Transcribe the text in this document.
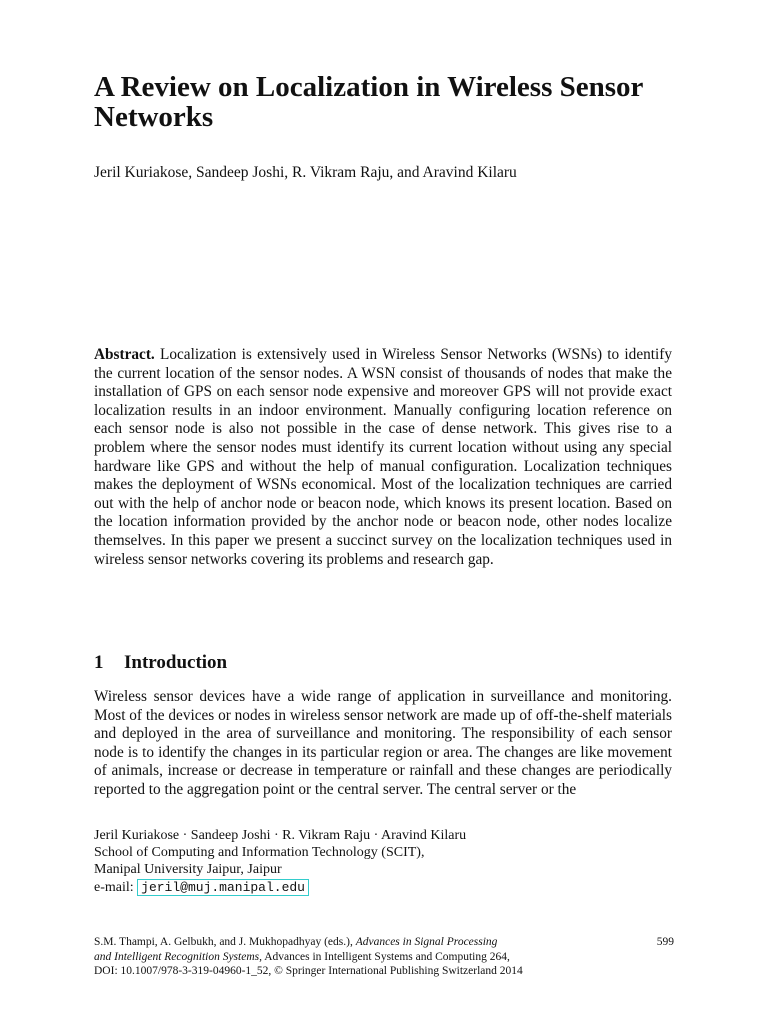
A Review on Localization in Wireless Sensor Networks

Jeril Kuriakose, Sandeep Joshi, R. Vikram Raju, and Aravind Kilaru

Abstract. Localization is extensively used in Wireless Sensor Networks (WSNs) to identify the current location of the sensor nodes. A WSN consist of thousands of nodes that make the installation of GPS on each sensor node expensive and moreover GPS will not provide exact localization results in an indoor environment. Manually configuring location reference on each sensor node is also not possible in the case of dense network. This gives rise to a problem where the sensor nodes must identify its current location without using any special hardware like GPS and without the help of manual configuration. Localization techniques makes the deployment of WSNs economical. Most of the localization techniques are carried out with the help of anchor node or beacon node, which knows its present location. Based on the location information provided by the anchor node or beacon node, other nodes localize themselves. In this paper we present a succinct survey on the localization techniques used in wireless sensor networks covering its problems and research gap.

1 Introduction

Wireless sensor devices have a wide range of application in surveillance and monitoring. Most of the devices or nodes in wireless sensor network are made up of off-the-shelf materials and deployed in the area of surveillance and monitoring. The responsibility of each sensor node is to identify the changes in its particular region or area. The changes are like movement of animals, increase or decrease in temperature or rainfall and these changes are periodically reported to the aggregation point or the central server. The central server or the

Jeril Kuriakose · Sandeep Joshi · R. Vikram Raju · Aravind Kilaru
School of Computing and Information Technology (SCIT),
Manipal University Jaipur, Jaipur
e-mail: jeril@muj.manipal.edu
599
S.M. Thampi, A. Gelbukh, and J. Mukhopadhyay (eds.), Advances in Signal Processing
and Intelligent Recognition Systems, Advances in Intelligent Systems and Computing 264,
DOI: 10.1007/978-3-319-04960-1_52, © Springer International Publishing Switzerland 2014
